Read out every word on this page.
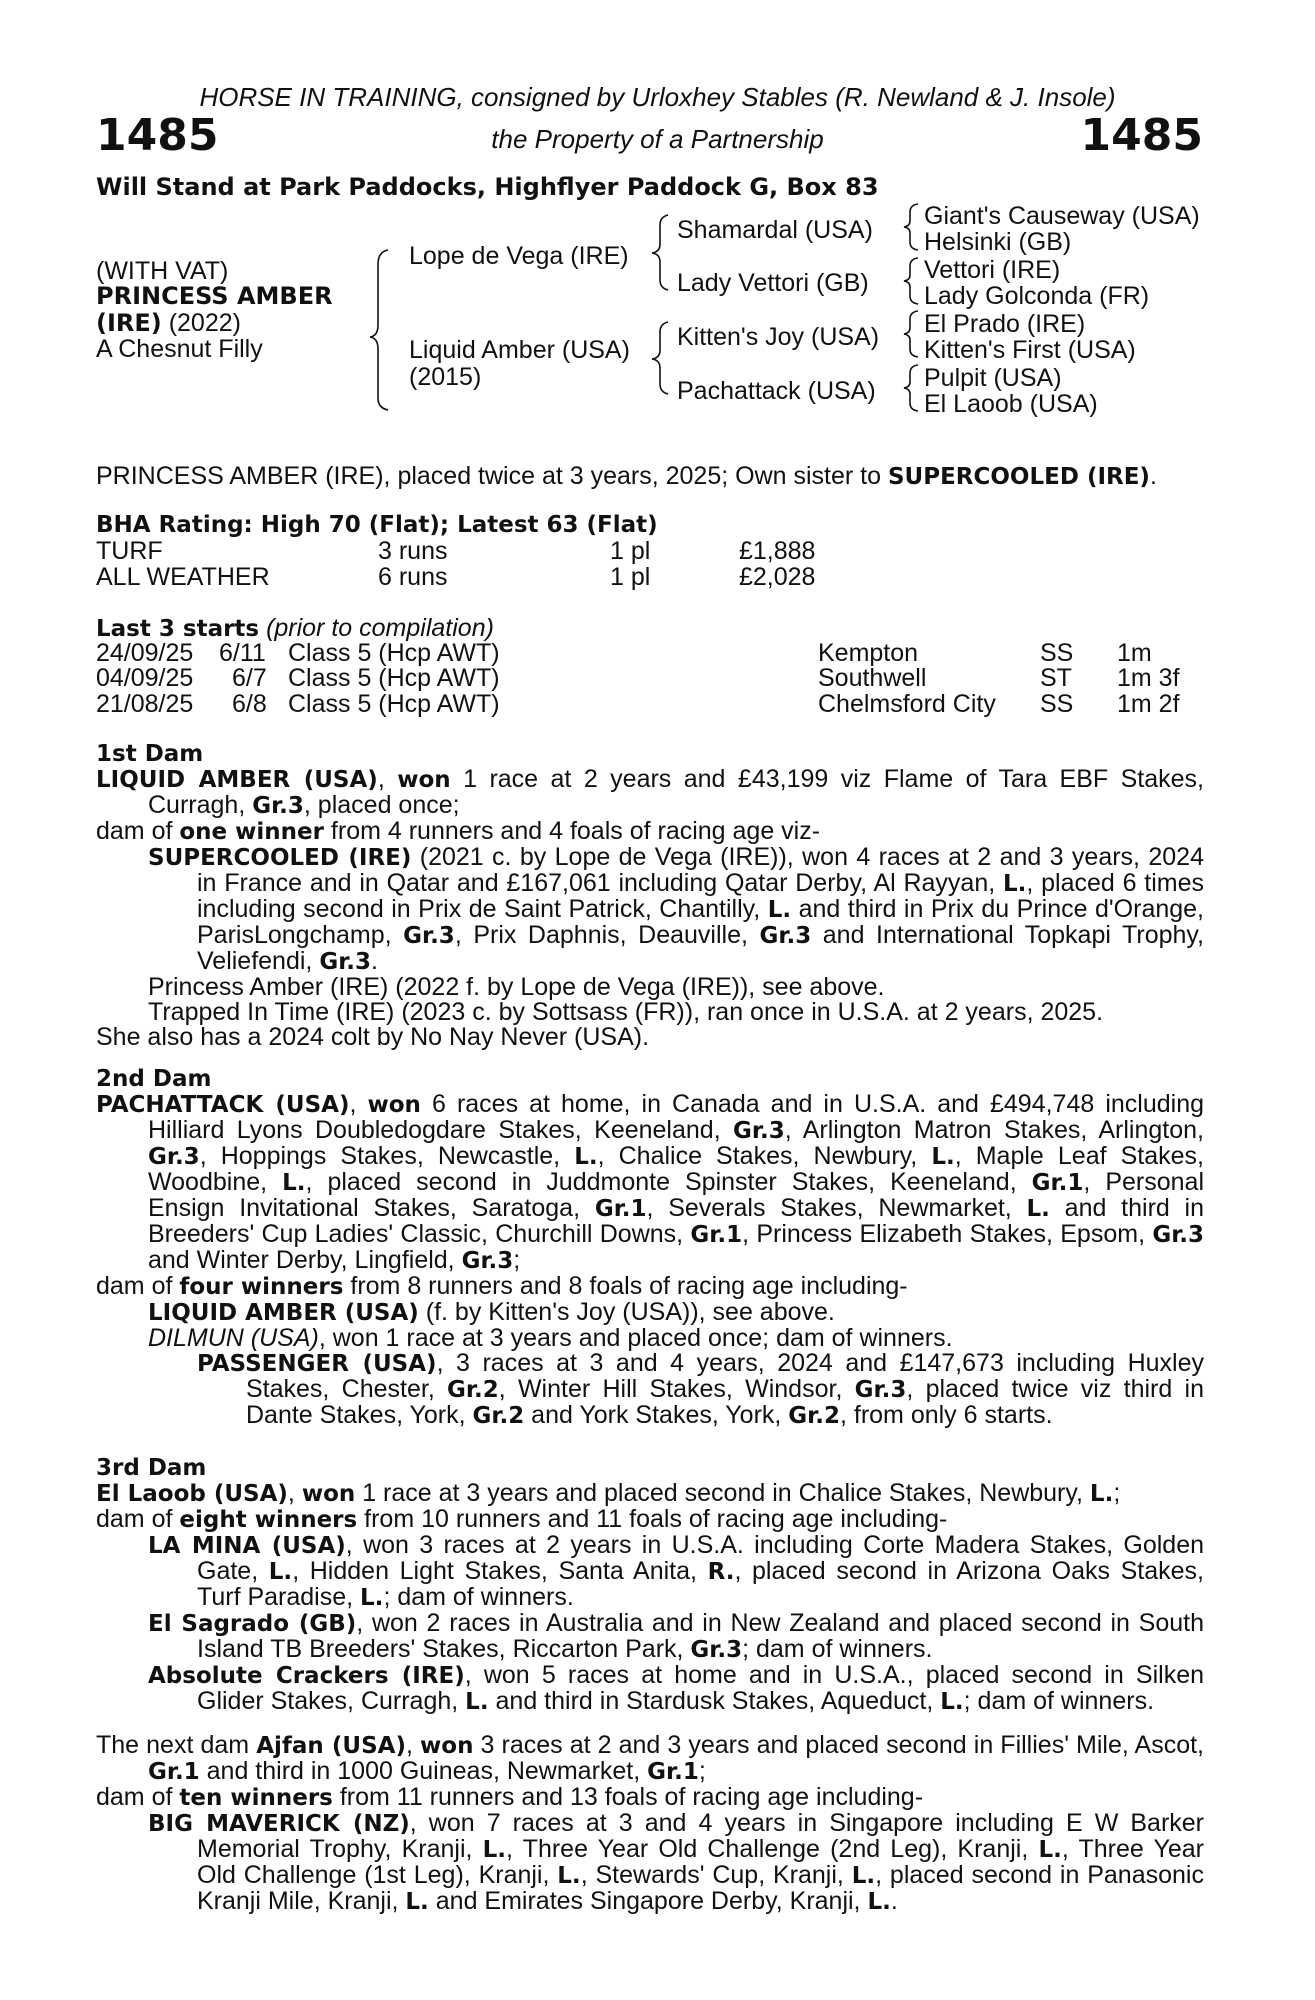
HORSE IN TRAINING, consigned by Urloxhey Stables (R. Newland & J. Insole)
1485	the Property of a Partnership	1485
Will Stand at Park Paddocks, Highflyer Paddock G, Box 83
(WITH VAT)
PRINCESS AMBER
(IRE) (2022)
A Chesnut Filly
Lope de Vega (IRE)
Liquid Amber (USA)
(2015)
Shamardal (USA)
Lady Vettori (GB)
Kitten's Joy (USA)
Pachattack (USA)
Giant's Causeway (USA)
Helsinki (GB)
Vettori (IRE)
Lady Golconda (FR)
El Prado (IRE)
Kitten's First (USA)
Pulpit (USA)
El Laoob (USA)
PRINCESS AMBER (IRE), placed twice at 3 years, 2025; Own sister to SUPERCOOLED (IRE).
BHA Rating: High 70 (Flat); Latest 63 (Flat)
TURF	3 runs	1 pl	£1,888
ALL WEATHER	6 runs	1 pl	£2,028
Last 3 starts (prior to compilation)
24/09/25 6/11 Class 5 (Hcp AWT)	Kempton	SS 1m
04/09/25 6/7 Class 5 (Hcp AWT)	Southwell	ST 1m 3f
21/08/25 6/8 Class 5 (Hcp AWT)	Chelmsford City SS 1m 2f

1st Dam

LIQUID AMBER (USA), won 1 race at 2 years and £43,199 viz Flame of Tara EBF Stakes, Curragh, Gr.3, placed once;

dam of one winner from 4 runners and 4 foals of racing age viz-

SUPERCOOLED (IRE) (2021 c. by Lope de Vega (IRE)), won 4 races at 2 and 3 years, 2024 in France and in Qatar and £167,061 including Qatar Derby, Al Rayyan, L., placed 6 times including second in Prix de Saint Patrick, Chantilly, L. and third in Prix du Prince d'Orange, ParisLongchamp, Gr.3, Prix Daphnis, Deauville, Gr.3 and International Topkapi Trophy, Veliefendi, Gr.3.

Princess Amber (IRE) (2022 f. by Lope de Vega (IRE)), see above.

Trapped In Time (IRE) (2023 c. by Sottsass (FR)), ran once in U.S.A. at 2 years, 2025.

She also has a 2024 colt by No Nay Never (USA).

2nd Dam

PACHATTACK (USA), won 6 races at home, in Canada and in U.S.A. and £494,748 including Hilliard Lyons Doubledogdare Stakes, Keeneland, Gr.3, Arlington Matron Stakes, Arlington, Gr.3, Hoppings Stakes, Newcastle, L., Chalice Stakes, Newbury, L., Maple Leaf Stakes, Woodbine, L., placed second in Juddmonte Spinster Stakes, Keeneland, Gr.1, Personal Ensign Invitational Stakes, Saratoga, Gr.1, Severals Stakes, Newmarket, L. and third in Breeders' Cup Ladies' Classic, Churchill Downs, Gr.1, Princess Elizabeth Stakes, Epsom, Gr.3 and Winter Derby, Lingfield, Gr.3;

dam of four winners from 8 runners and 8 foals of racing age including-

LIQUID AMBER (USA) (f. by Kitten's Joy (USA)), see above.

DILMUN (USA), won 1 race at 3 years and placed once; dam of winners.

PASSENGER (USA), 3 races at 3 and 4 years, 2024 and £147,673 including Huxley Stakes, Chester, Gr.2, Winter Hill Stakes, Windsor, Gr.3, placed twice viz third in Dante Stakes, York, Gr.2 and York Stakes, York, Gr.2, from only 6 starts.

3rd Dam

El Laoob (USA), won 1 race at 3 years and placed second in Chalice Stakes, Newbury, L.;

dam of eight winners from 10 runners and 11 foals of racing age including-

LA MINA (USA), won 3 races at 2 years in U.S.A. including Corte Madera Stakes, Golden Gate, L., Hidden Light Stakes, Santa Anita, R., placed second in Arizona Oaks Stakes, Turf Paradise, L.; dam of winners.

El Sagrado (GB), won 2 races in Australia and in New Zealand and placed second in South Island TB Breeders' Stakes, Riccarton Park, Gr.3; dam of winners.

Absolute Crackers (IRE), won 5 races at home and in U.S.A., placed second in Silken Glider Stakes, Curragh, L. and third in Stardusk Stakes, Aqueduct, L.; dam of winners.

The next dam Ajfan (USA), won 3 races at 2 and 3 years and placed second in Fillies' Mile, Ascot, Gr.1 and third in 1000 Guineas, Newmarket, Gr.1;

dam of ten winners from 11 runners and 13 foals of racing age including-

BIG MAVERICK (NZ), won 7 races at 3 and 4 years in Singapore including E W Barker Memorial Trophy, Kranji, L., Three Year Old Challenge (2nd Leg), Kranji, L., Three Year Old Challenge (1st Leg), Kranji, L., Stewards' Cup, Kranji, L., placed second in Panasonic Kranji Mile, Kranji, L. and Emirates Singapore Derby, Kranji, L..
